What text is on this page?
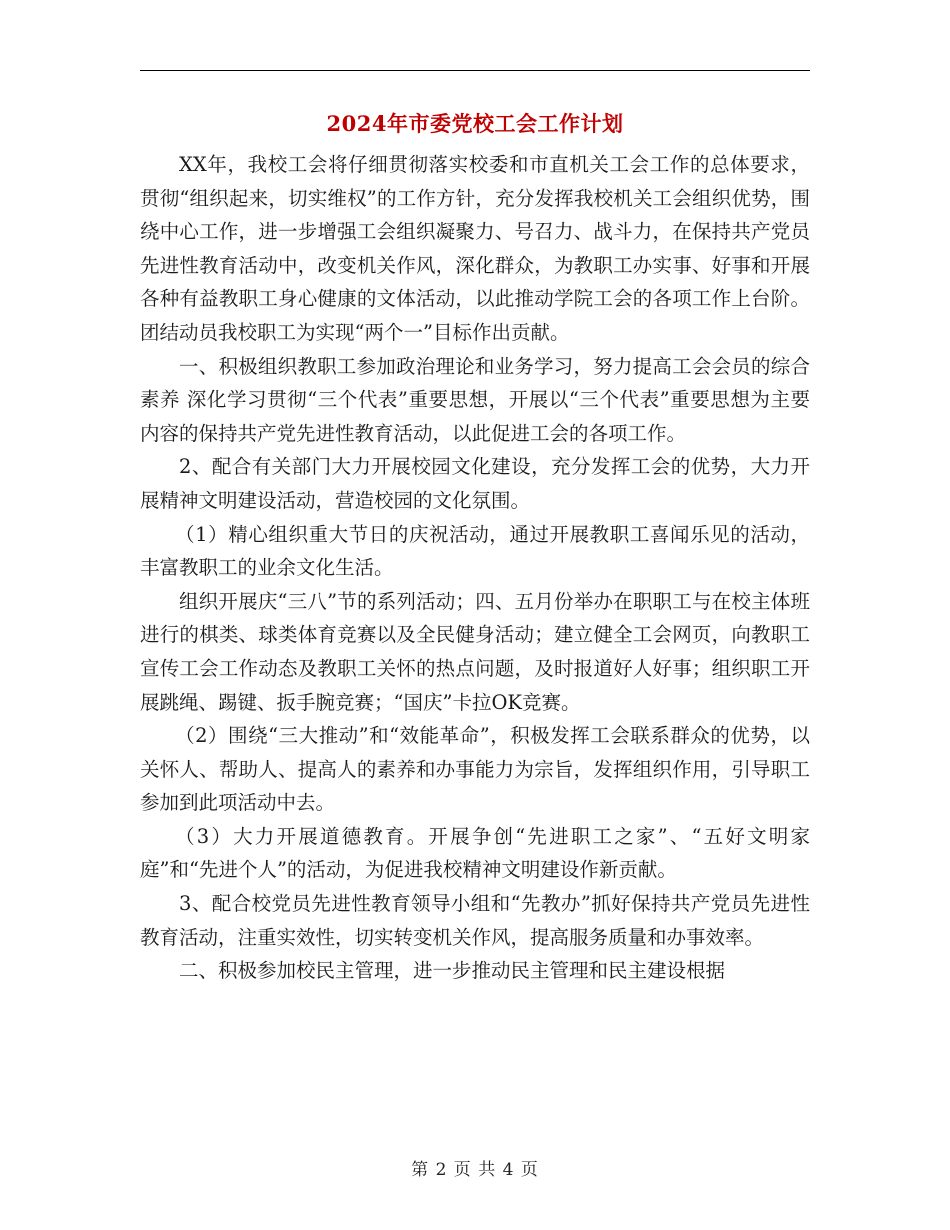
2024年市委党校工会工作计划

XX年，我校工会将仔细贯彻落实校委和市直机关工会工作的总体要求，贯彻“组织起来，切实维权”的工作方针，充分发挥我校机关工会组织优势，围绕中心工作，进一步增强工会组织凝聚力、号召力、战斗力，在保持共产党员先进性教育活动中，改变机关作风，深化群众，为教职工办实事、好事和开展各种有益教职工身心健康的文体活动，以此推动学院工会的各项工作上台阶。团结动员我校职工为实现“两个一”目标作出贡献。

一、积极组织教职工参加政治理论和业务学习，努力提高工会会员的综合素养 深化学习贯彻“三个代表”重要思想，开展以“三个代表”重要思想为主要内容的保持共产党先进性教育活动，以此促进工会的各项工作。

2、配合有关部门大力开展校园文化建设，充分发挥工会的优势，大力开展精神文明建设活动，营造校园的文化氛围。

（1）精心组织重大节日的庆祝活动，通过开展教职工喜闻乐见的活动，丰富教职工的业余文化生活。

组织开展庆“三八”节的系列活动；四、五月份举办在职职工与在校主体班进行的棋类、球类体育竞赛以及全民健身活动；建立健全工会网页，向教职工宣传工会工作动态及教职工关怀的热点问题，及时报道好人好事；组织职工开展跳绳、踢键、扳手腕竞赛；“国庆”卡拉OK竞赛。

（2）围绕“三大推动”和“效能革命”，积极发挥工会联系群众的优势，以关怀人、帮助人、提高人的素养和办事能力为宗旨，发挥组织作用，引导职工参加到此项活动中去。

（3）大力开展道德教育。开展争创“先进职工之家”、“五好文明家庭”和“先进个人”的活动，为促进我校精神文明建设作新贡献。

3、配合校党员先进性教育领导小组和“先教办”抓好保持共产党员先进性教育活动，注重实效性，切实转变机关作风，提高服务质量和办事效率。

二、积极参加校民主管理，进一步推动民主管理和民主建设根据

第 2 页 共 4 页
